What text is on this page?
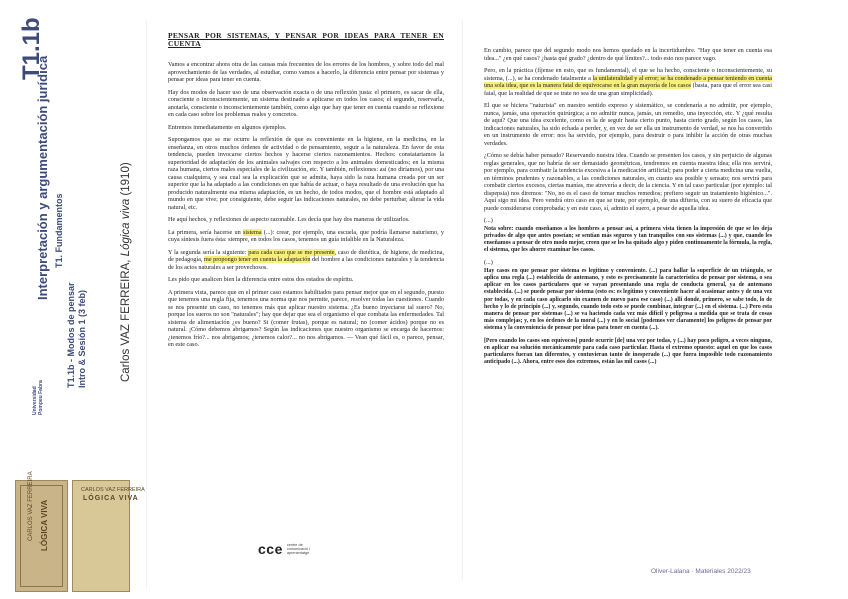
T1.1b
Interpretación y argumentación jurídica T1. Fundamentos
T1.1b - Modos de pensar Intro & Sesión 1 (3 feb)
Universidad Pompeu Fabra
Carlos VAZ FERREIRA, Lógica viva (1910)
CARLOS VAZ FERREIRA LÓGICA VIVA
CARLOS VAZ FERREIRA
LÓGICA VIVA

PENSAR POR SISTEMAS, Y PENSAR POR IDEAS PARA TENER EN CUENTA

Vamos a encontrar ahora otra de las causas más frecuentes de los errores de los hombres, y sobre todo del mal aprovechamiento de las verdades, al estudiar, como vamos a hacerlo, la diferencia entre pensar por sistemas y pensar por ideas para tener en cuenta.

Hay dos modos de hacer uso de una observación exacta o de una reflexión justa: el primero, es sacar de ella, consciente o inconscientemente, un sistema destinado a aplicarse en todos los casos; el segundo, reservarla, anotarla, consciente o inconscientemente también, como algo que hay que tener en cuenta cuando se reflexione en cada caso sobre los problemas reales y concretos.

Entremos inmediatamente en algunos ejemplos.

Supongamos que se me ocurre la reflexión de que es conveniente en la higiene, en la medicina, en la enseñanza, en otros muchos órdenes de actividad o de pensamiento, seguir a la naturaleza. En favor de esta tendencia, pueden invocarse ciertos hechos y hacerse ciertos razonamientos. Hechos: constatariamos la superioridad de adaptación de los animales salvajes con respecto a los animales domesticados; en la misma raza humana, ciertos males especiales de la civilización, etc. Y también, reflexiones: así (no diríamos), por una causa cualquiera, y sea cual sea la explicación que se admita, haya sido la raza humana creada por un ser superior que la ha adaptado a las condiciones en que había de actuar, o haya resultado de una evolución que ha producido naturalmente esa misma adaptación, es un hecho, de todos modos, que el hombre está adaptado al mundo en que vive; por consiguiente, debe seguir las indicaciones naturales, no debe perturbar, alterar la vida natural, etc.

He aquí hechos, y reflexiones de aspecto razonable. Les decía que hay dos maneras de utilizarlos.

La primera, sería hacerse un sistema (...): crear, por ejemplo, una escuela, que podría llamarse naturismo, y cuya síntesis fuera ésta: siempre, en todos los casos, tenemos un guía infalible en la Naturaleza.

Y la segunda sería la siguiente: para cada caso que se me presente, caso de dietética, de higiene, de medicina, de pedagogía, me propongo tener en cuenta la adaptación del hombre a las condiciones naturales y la tendencia de los actos naturales a ser provechosos.

Les pido que analicen bien la diferencia entre estos dos estados de espíritu.

A primera vista, parece que en el primer caso estamos habilitados para pensar mejor que en el segundo, puesto que tenemos una regla fija, tenemos una norma que nos permite, parece, resolver todas las cuestiones. Cuando se nos presente un caso, no tenemos más que aplicar nuestro sistema. ¿Es bueno inyectarse tal suero? No, porque los sueros no son "naturales"; hay que dejar que sea el organismo el que combata las enfermedades. Tal sistema de alimentación ¿es bueno? Si (comer frutas), porque es natural; no (comer ácidos) porque no es natural. ¡Cómo debemos abrigarnos? Según las indicaciones que nuestro organismo se encarga de hacernos: ¿tenemos frío?... nos abrigamos; ¿tenemos calor?... no nos abrigamos. — Vean qué fácil es, o parece, pensar, en este caso.

En cambio, parece que del segundo modo nos hemos quedado en la incertidumbre. "Hay que tener en cuenta esa idea..." ¿en qué casos? ¿hasta qué grado? ¿dentro de qué límites?... todo esto nos parece vago.

Pero, en la práctica (fíjense en esto, que es fundamental), el que se ha hecho, consciente o inconscientemente, su sistema, (...), se ha condenado fatalmente a la unilateralidad y al error; se ha condenado a pensar teniendo en cuenta una sola idea, que es la manera fatal de equivocarse en la gran mayoría de los casos (basta, para que el error sea casi fatal, que la realidad de que se trate no sea de una gran simplicidad).

El que se hiciera "naturista" en nuestro sentido expreso y sistemático, se condenaría a no admitir, por ejemplo, nunca, jamás, una operación quirúrgica; a no admitir nunca, jamás, un remedio, una inyección, etc. Y ¿qué resulta de aquí? Que una idea excelente, como es la de seguir hasta cierto punto, hasta cierto grado, según los casos, las indicaciones naturales, ha sido echada a perder, y, en vez de ser ella un instrumento de verdad, se nos ha convertido en un instrumento de error: nos ha servido, por ejemplo, para destruir o para inhibir la acción de otras muchas verdades.

¿Cómo se debía haber pensado? Reservando nuestra idea. Cuando se presenten los casos, y sin perjuicio de algunas reglas generales, que no habría de ser demasiado geométricas, tendremos en cuenta nuestra idea; ella nos servirá, por ejemplo, para combatir la tendencia excesiva a la medicación artificial; para poder a cierta medicina una vuelta, en términos prudentes y razonables, a las condiciones naturales, en cuanto sea posible y sensato; nos servirá para combatir ciertos excesos, ciertas manías, me atrevería a decir, de la ciencia. Y en tal caso particular (por ejemplo: tal dispepsia) nos diremos: "No, no es el caso de tomar muchos remedios; prefiero seguir un tratamiento higiénico...". Aquí sigo mi idea. Pero vendrá otro caso en que se trate, por ejemplo, de una difteria, con su suero de eficacia que puede considerarse comprobada; y en este caso, sí, admito el suero, a pesar de aquella idea.

(...)

Nota sobre: cuando enseñamos a los hombres a pensar así, a primera vista tienen la impresión de que se les deja privados de algo que antes poseían; se sentían más seguros y tan tranquilos con sus sistemas (...) y que, cuando les enseñamos a pensar de otro modo mejor, creen que se les ha quitado algo y piden continuamente la fórmula, la regla, el sistema, que les ahorre examinar los casos.

(...)

Hay casos en que pensar por sistema es legítimo y conveniente. (...) para hallar la superficie de un triángulo, se aplica una regla (...) establecida de antemano, y esto es precisamente la característica de pensar por sistema, o sea aplicar en los casos particulares que se vayan presentando una regla de conducta general, ya de antemano establecida. (...) se puede pensar por sistema (esto es: es legítimo y conveniente hacer al ocasionar antes y de una vez por todas, y en cada caso aplicarlo sin examen de nuevo para ese caso) (...) allí donde, primero, se sabe todo, lo de hecho y lo de principio (...) y, segundo, cuando todo esto se puede combinar, integrar (...) en el sistema. (...) Pero esta manera de pensar por sistemas (...) se va haciendo cada vez más difícil y peligrosa a medida que se trata de cosas más complejas; y, en los órdenes de la moral (...) y en lo social [podemos ver claramente] los peligros de pensar por sistema y la conveniencia de pensar por ideas para tener en cuenta (...).

[Pero cuando los casos son equívocos] puede ocurrir [de] una vez por todas, y (...) hay poco peligro, a veces ninguno, en aplicar esa solución mecánicamente para cada caso particular. Hasta el extremo opuesto: aquel en que los casos particulares fueran tan diferentes, y contuvieran tanto de inesperado (...) que fuera imposible todo razonamiento anticipado (...). Ahora, entre esos dos extremos, están las mil casos (...)

cce centre de comunicació i aprenentatge
Oliver-Lalana · Materiales 2022/23
